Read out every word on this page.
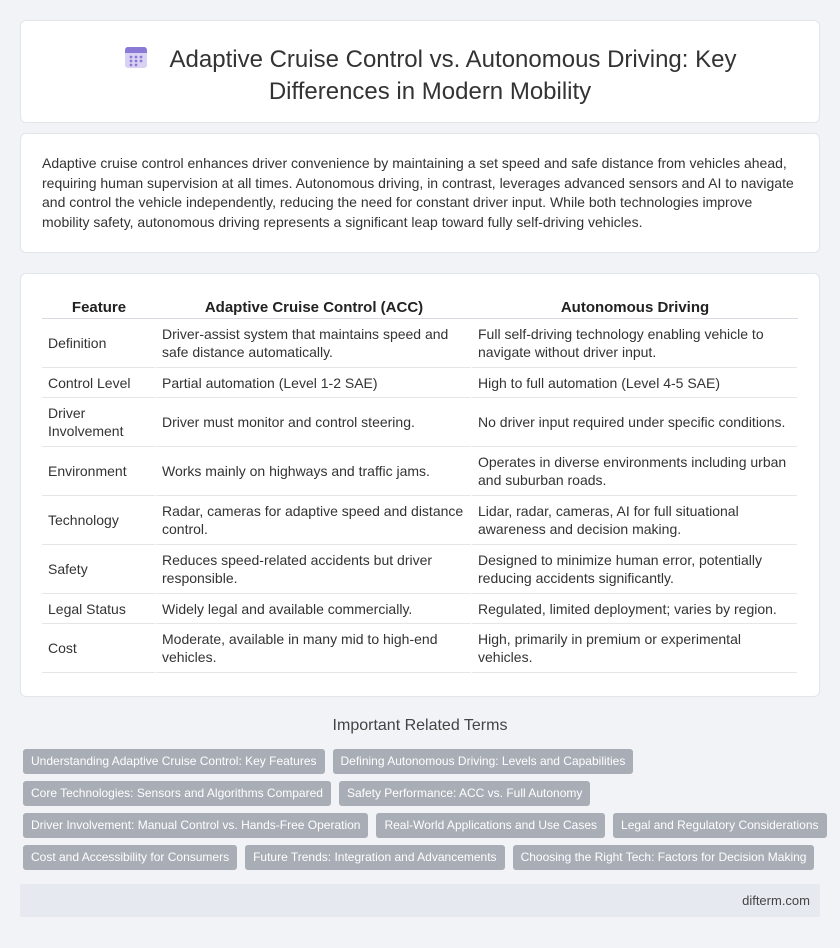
Adaptive Cruise Control vs. Autonomous Driving: Key Differences in Modern Mobility

Adaptive cruise control enhances driver convenience by maintaining a set speed and safe distance from vehicles ahead, requiring human supervision at all times. Autonomous driving, in contrast, leverages advanced sensors and AI to navigate and control the vehicle independently, reducing the need for constant driver input. While both technologies improve mobility safety, autonomous driving represents a significant leap toward fully self-driving vehicles.

Feature	Adaptive Cruise Control (ACC)	Autonomous Driving
Definition	Driver-assist system that maintains speed and safe distance automatically.	Full self-driving technology enabling vehicle to navigate without driver input.
Control Level	Partial automation (Level 1-2 SAE)	High to full automation (Level 4-5 SAE)
Driver Involvement	Driver must monitor and control steering.	No driver input required under specific conditions.
Environment	Works mainly on highways and traffic jams.	Operates in diverse environments including urban and suburban roads.
Technology	Radar, cameras for adaptive speed and distance control.	Lidar, radar, cameras, AI for full situational awareness and decision making.
Safety	Reduces speed-related accidents but driver responsible.	Designed to minimize human error, potentially reducing accidents significantly.
Legal Status	Widely legal and available commercially.	Regulated, limited deployment; varies by region.
Cost	Moderate, available in many mid to high-end vehicles.	High, primarily in premium or experimental vehicles.
Important Related Terms
Understanding Adaptive Cruise Control: Key Features Defining Autonomous Driving: Levels and Capabilities
Core Technologies: Sensors and Algorithms Compared Safety Performance: ACC vs. Full Autonomy
Driver Involvement: Manual Control vs. Hands-Free Operation Real-World Applications and Use Cases Legal and Regulatory Considerations
Cost and Accessibility for Consumers Future Trends: Integration and Advancements Choosing the Right Tech: Factors for Decision Making
difterm.com
